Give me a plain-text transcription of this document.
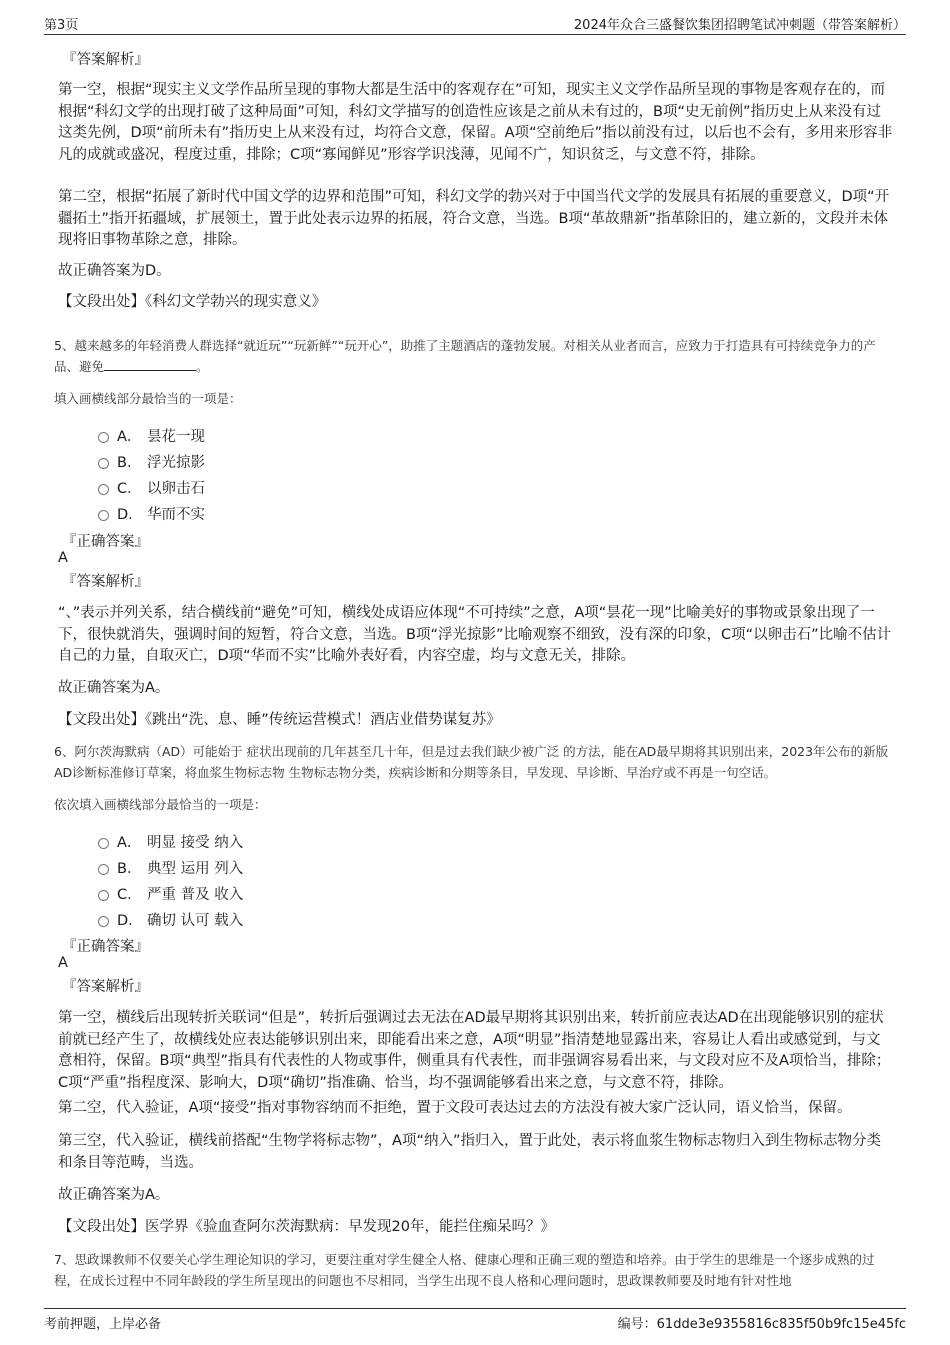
第3页	2024年众合三盛餐饮集团招聘笔试冲刺题（带答案解析）
『答案解析』
第一空，根据“现实主义文学作品所呈现的事物大都是生活中的客观存在”可知，现实主义文学作品所呈现的事物是客观存在的，而根据“科幻文学的出现打破了这种局面”可知，科幻文学描写的创造性应该是之前从未有过的，B项“史无前例”指历史上从来没有过这类先例，D项“前所未有”指历史上从来没有过，均符合文意，保留。A项“空前绝后”指以前没有过，以后也不会有，多用来形容非凡的成就或盛况，程度过重，排除；C项“寡闻鲜见”形容学识浅薄，见闻不广，知识贫乏，与文意不符，排除。
第二空，根据“拓展了新时代中国文学的边界和范围”可知，科幻文学的勃兴对于中国当代文学的发展具有拓展的重要意义，D项“开疆拓土”指开拓疆域，扩展领土，置于此处表示边界的拓展，符合文意，当选。B项“革故鼎新”指革除旧的，建立新的，文段并未体现将旧事物革除之意，排除。
故正确答案为D。
【文段出处】《科幻文学勃兴的现实意义》
5、越来越多的年轻消费人群选择“就近玩”“玩新鲜”“玩开心”，助推了主题酒店的蓬勃发展。对相关从业者而言，应致力于打造具有可持续竞争力的产品、避免	。
填入画横线部分最恰当的一项是：
A． 昙花一现
B． 浮光掠影
C． 以卵击石
D． 华而不实
『正确答案』
A
『答案解析』
“、”表示并列关系，结合横线前“避免”可知，横线处成语应体现“不可持续”之意，A项“昙花一现”比喻美好的事物或景象出现了一下，很快就消失，强调时间的短暂，符合文意，当选。B项“浮光掠影”比喻观察不细致，没有深的印象，C项“以卵击石”比喻不估计自己的力量，自取灭亡，D项“华而不实”比喻外表好看，内容空虚，均与文意无关，排除。
故正确答案为A。
【文段出处】《跳出“洗、息、睡”传统运营模式！酒店业借势谋复苏》
6、阿尔茨海默病（AD）可能始于 症状出现前的几年甚至几十年，但是过去我们缺少被广泛 的方法，能在AD最早期将其识别出来，2023年公布的新版AD诊断标准修订草案，将血浆生物标志物 生物标志物分类，疾病诊断和分期等条目，早发现、早诊断、早治疗或不再是一句空话。
依次填入画横线部分最恰当的一项是：
A． 明显 接受 纳入
B． 典型 运用 列入
C． 严重 普及 收入
D． 确切 认可 载入
『正确答案』
A
『答案解析』
第一空，横线后出现转折关联词“但是”，转折后强调过去无法在AD最早期将其识别出来，转折前应表达AD在出现能够识别的症状前就已经产生了，故横线处应表达能够识别出来，即能看出来之意，A项“明显”指清楚地显露出来，容易让人看出或感觉到，与文意相符，保留。B项“典型”指具有代表性的人物或事件，侧重具有代表性，而非强调容易看出来，与文段对应不及A项恰当，排除；C项“严重”指程度深、影响大，D项“确切”指准确、恰当，均不强调能够看出来之意，与文意不符，排除。
第二空，代入验证，A项“接受”指对事物容纳而不拒绝，置于文段可表达过去的方法没有被大家广泛认同，语义恰当，保留。
第三空，代入验证，横线前搭配“生物学将标志物”，A项“纳入”指归入，置于此处，表示将血浆生物标志物归入到生物标志物分类和条目等范畴，当选。
故正确答案为A。
【文段出处】医学界《验血查阿尔茨海默病：早发现20年，能拦住痴呆吗？》
7、思政课教师不仅要关心学生理论知识的学习，更要注重对学生健全人格、健康心理和正确三观的塑造和培养。由于学生的思维是一个逐步成熟的过程，在成长过程中不同年龄段的学生所呈现出的问题也不尽相同，当学生出现不良人格和心理问题时，思政课教师要及时地有针对性地
考前押题，上岸必备	编号：61dde3e9355816c835f50b9fc15e45fc
